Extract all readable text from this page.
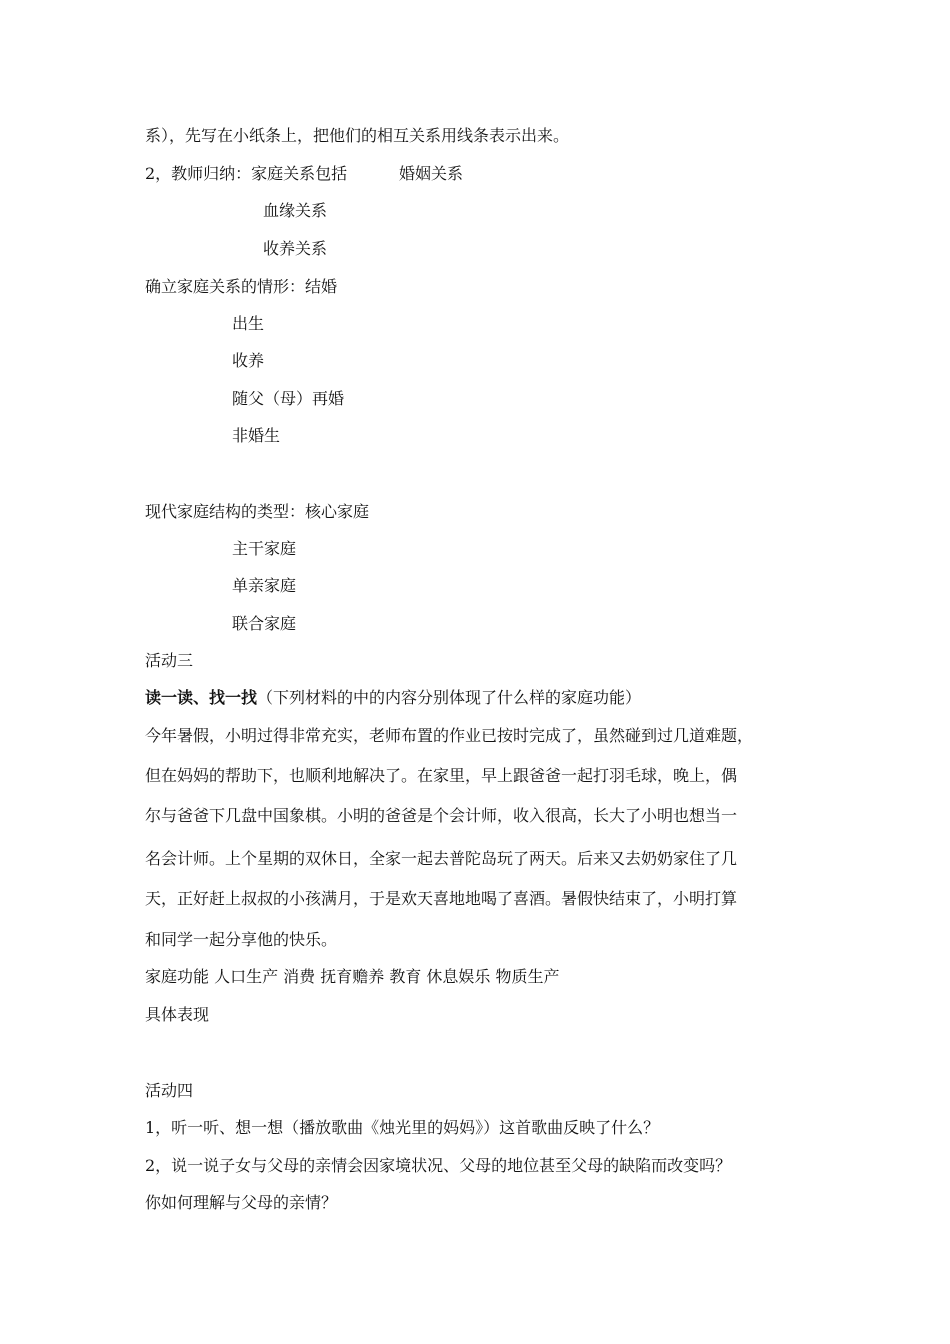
系），先写在小纸条上，把他们的相互关系用线条表示出来。
2，教师归纳：家庭关系包括	婚姻关系
血缘关系
收养关系
确立家庭关系的情形：结婚
出生
收养
随父（母）再婚
非婚生
现代家庭结构的类型：核心家庭
主干家庭
单亲家庭
联合家庭
活动三
读一读、找一找（下列材料的中的内容分别体现了什么样的家庭功能）
今年暑假，小明过得非常充实，老师布置的作业已按时完成了，虽然碰到过几道难题，
但在妈妈的帮助下，也顺利地解决了。在家里，早上跟爸爸一起打羽毛球，晚上，偶
尔与爸爸下几盘中国象棋。小明的爸爸是个会计师，收入很高，长大了小明也想当一
名会计师。上个星期的双休日，全家一起去普陀岛玩了两天。后来又去奶奶家住了几
天，正好赶上叔叔的小孩满月，于是欢天喜地地喝了喜酒。暑假快结束了，小明打算
和同学一起分享他的快乐。
家庭功能 人口生产 消费 抚育赡养 教育 休息娱乐 物质生产
具体表现
活动四
1，听一听、想一想（播放歌曲《烛光里的妈妈》）这首歌曲反映了什么？
2，说一说子女与父母的亲情会因家境状况、父母的地位甚至父母的缺陷而改变吗？
你如何理解与父母的亲情？
